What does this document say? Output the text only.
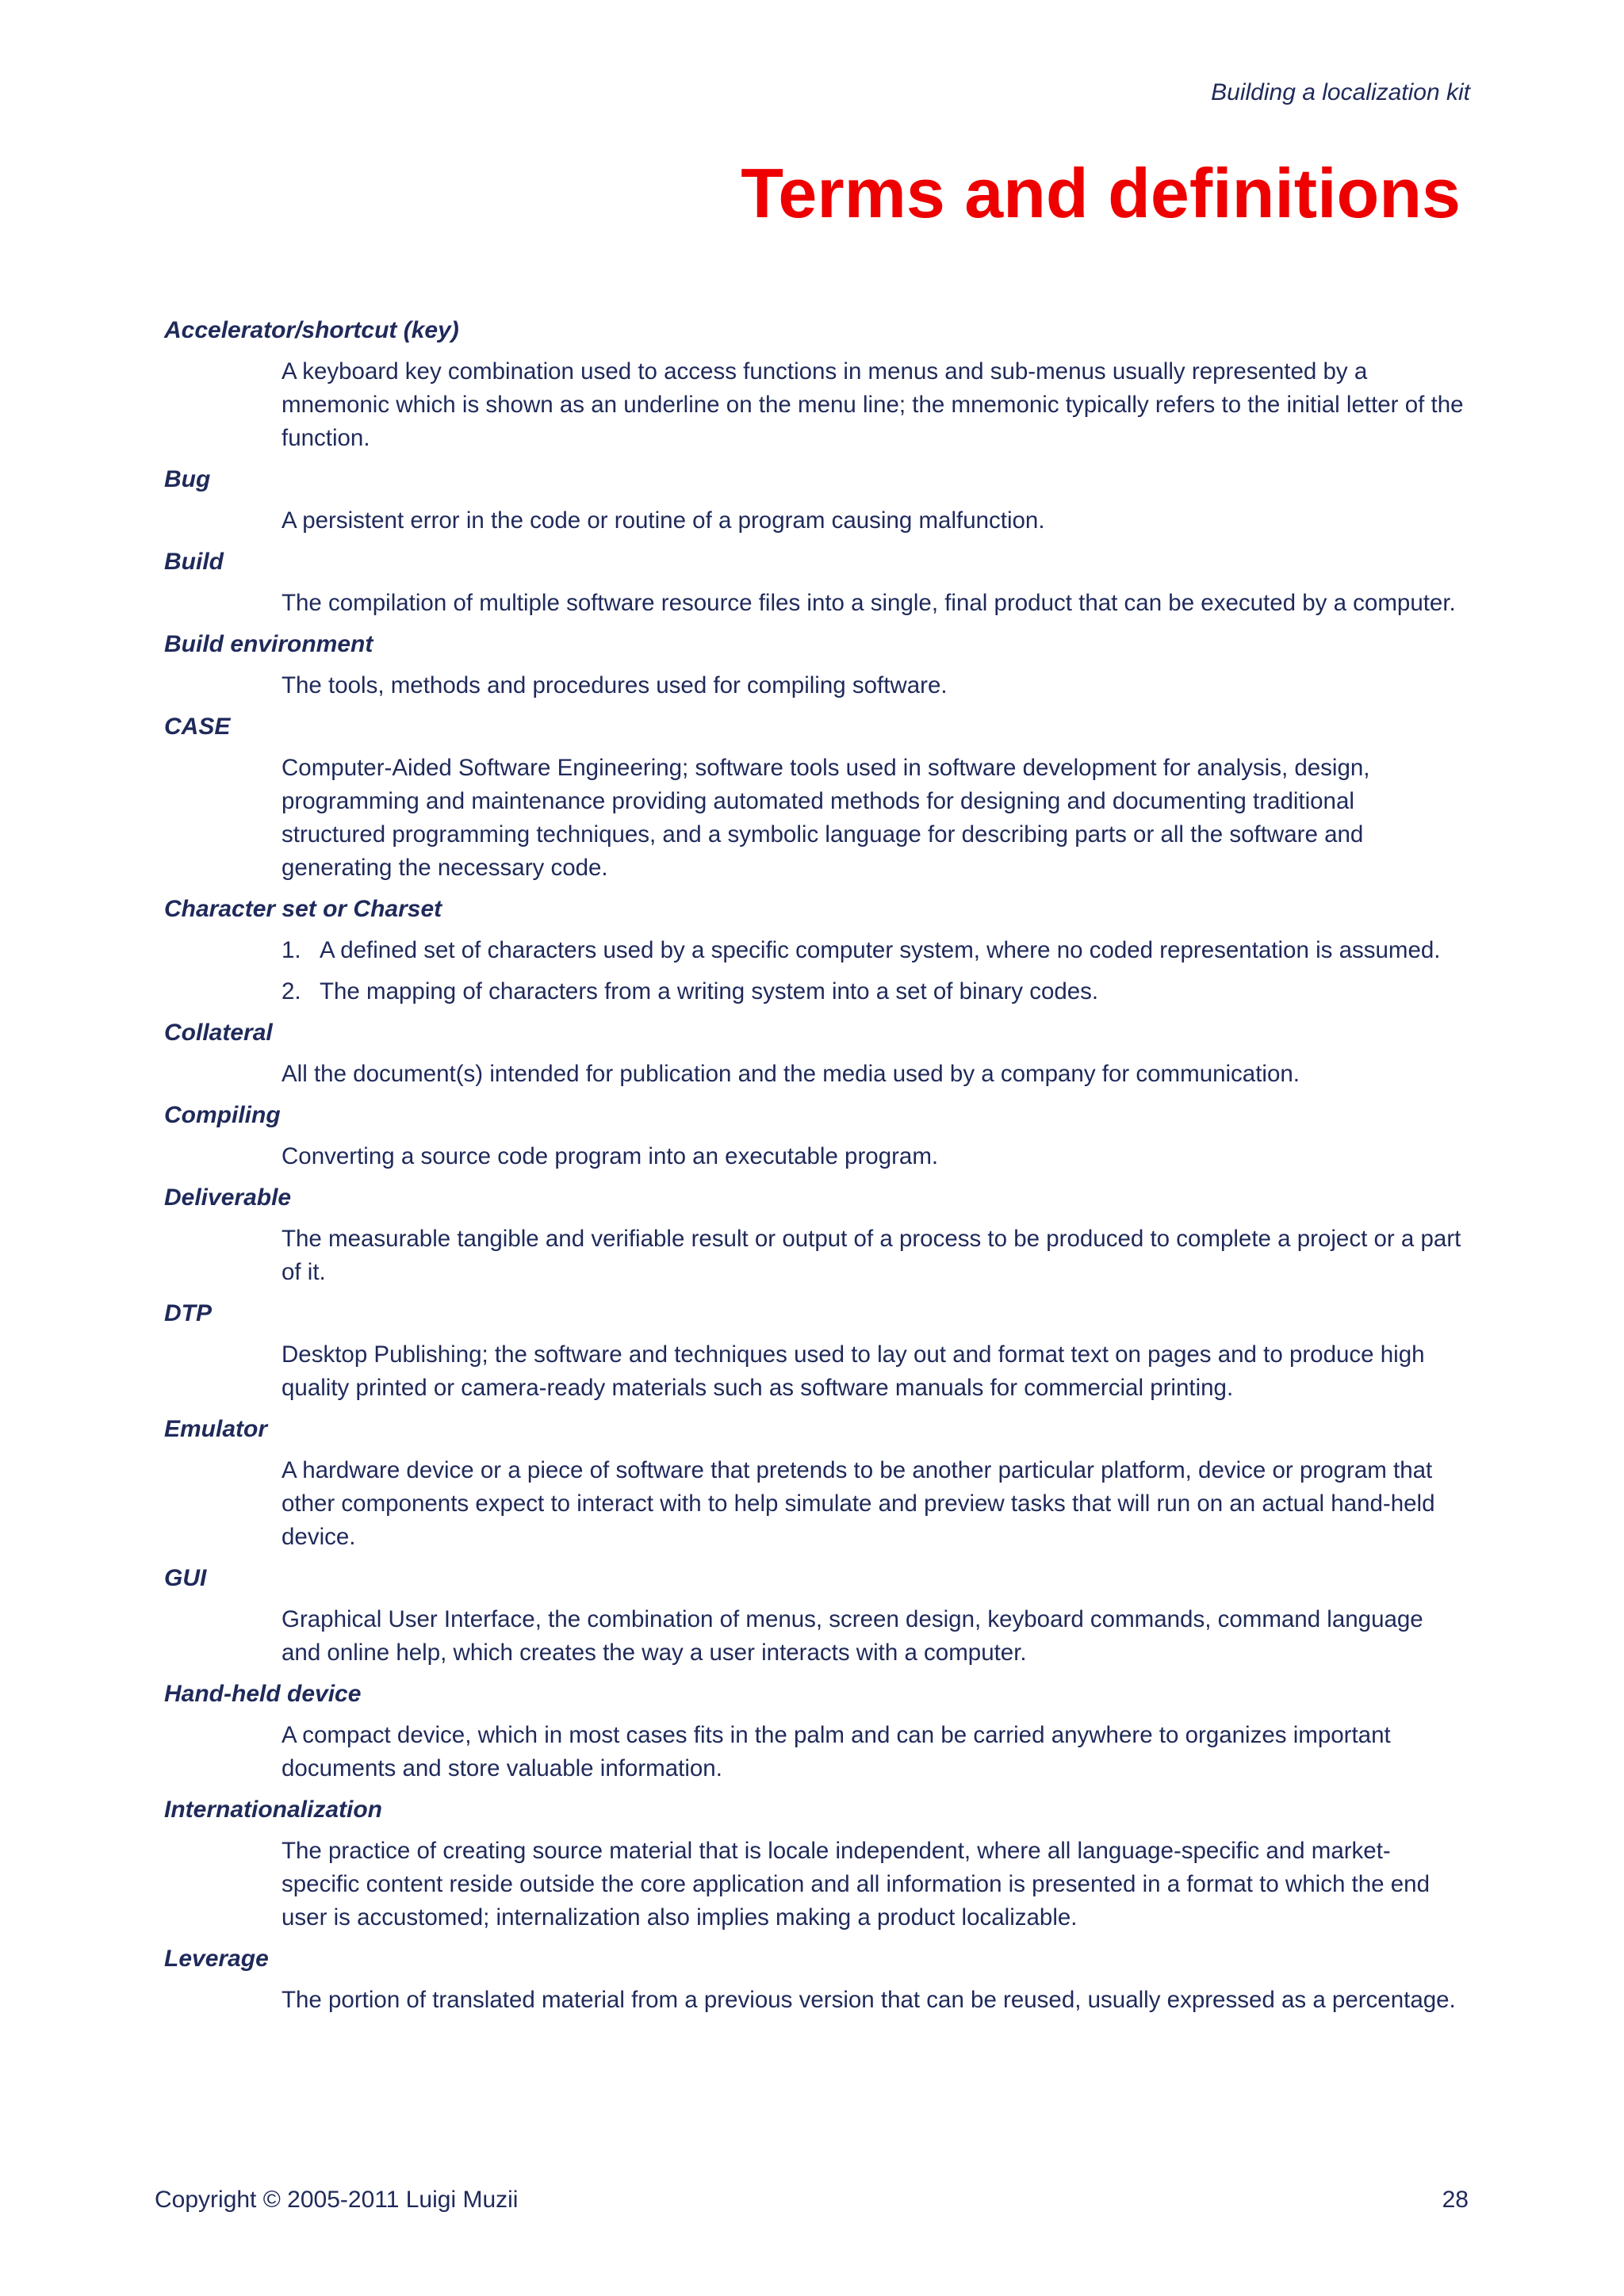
Building a localization kit
Terms and definitions
Accelerator/shortcut (key)
A keyboard key combination used to access functions in menus and sub-menus usually represented by a mnemonic which is shown as an underline on the menu line; the mnemonic typically refers to the initial letter of the function.
Bug
A persistent error in the code or routine of a program causing malfunction.
Build
The compilation of multiple software resource files into a single, final product that can be executed by a computer.
Build environment
The tools, methods and procedures used for compiling software.
CASE
Computer-Aided Software Engineering; software tools used in software development for analysis, design, programming and maintenance providing automated methods for designing and documenting traditional structured programming techniques, and a symbolic language for describing parts or all the software and generating the necessary code.
Character set or Charset
1. A defined set of characters used by a specific computer system, where no coded representation is assumed.
2. The mapping of characters from a writing system into a set of binary codes.
Collateral
All the document(s) intended for publication and the media used by a company for communication.
Compiling
Converting a source code program into an executable program.
Deliverable
The measurable tangible and verifiable result or output of a process to be produced to complete a project or a part of it.
DTP
Desktop Publishing; the software and techniques used to lay out and format text on pages and to produce high quality printed or camera-ready materials such as software manuals for commercial printing.
Emulator
A hardware device or a piece of software that pretends to be another particular platform, device or program that other components expect to interact with to help simulate and preview tasks that will run on an actual hand-held device.
GUI
Graphical User Interface, the combination of menus, screen design, keyboard commands, command language and online help, which creates the way a user interacts with a computer.
Hand-held device
A compact device, which in most cases fits in the palm and can be carried anywhere to organizes important documents and store valuable information.
Internationalization
The practice of creating source material that is locale independent, where all language-specific and market-specific content reside outside the core application and all information is presented in a format to which the end user is accustomed; internalization also implies making a product localizable.
Leverage
The portion of translated material from a previous version that can be reused, usually expressed as a percentage.
Copyright © 2005-2011 Luigi Muzii	28
